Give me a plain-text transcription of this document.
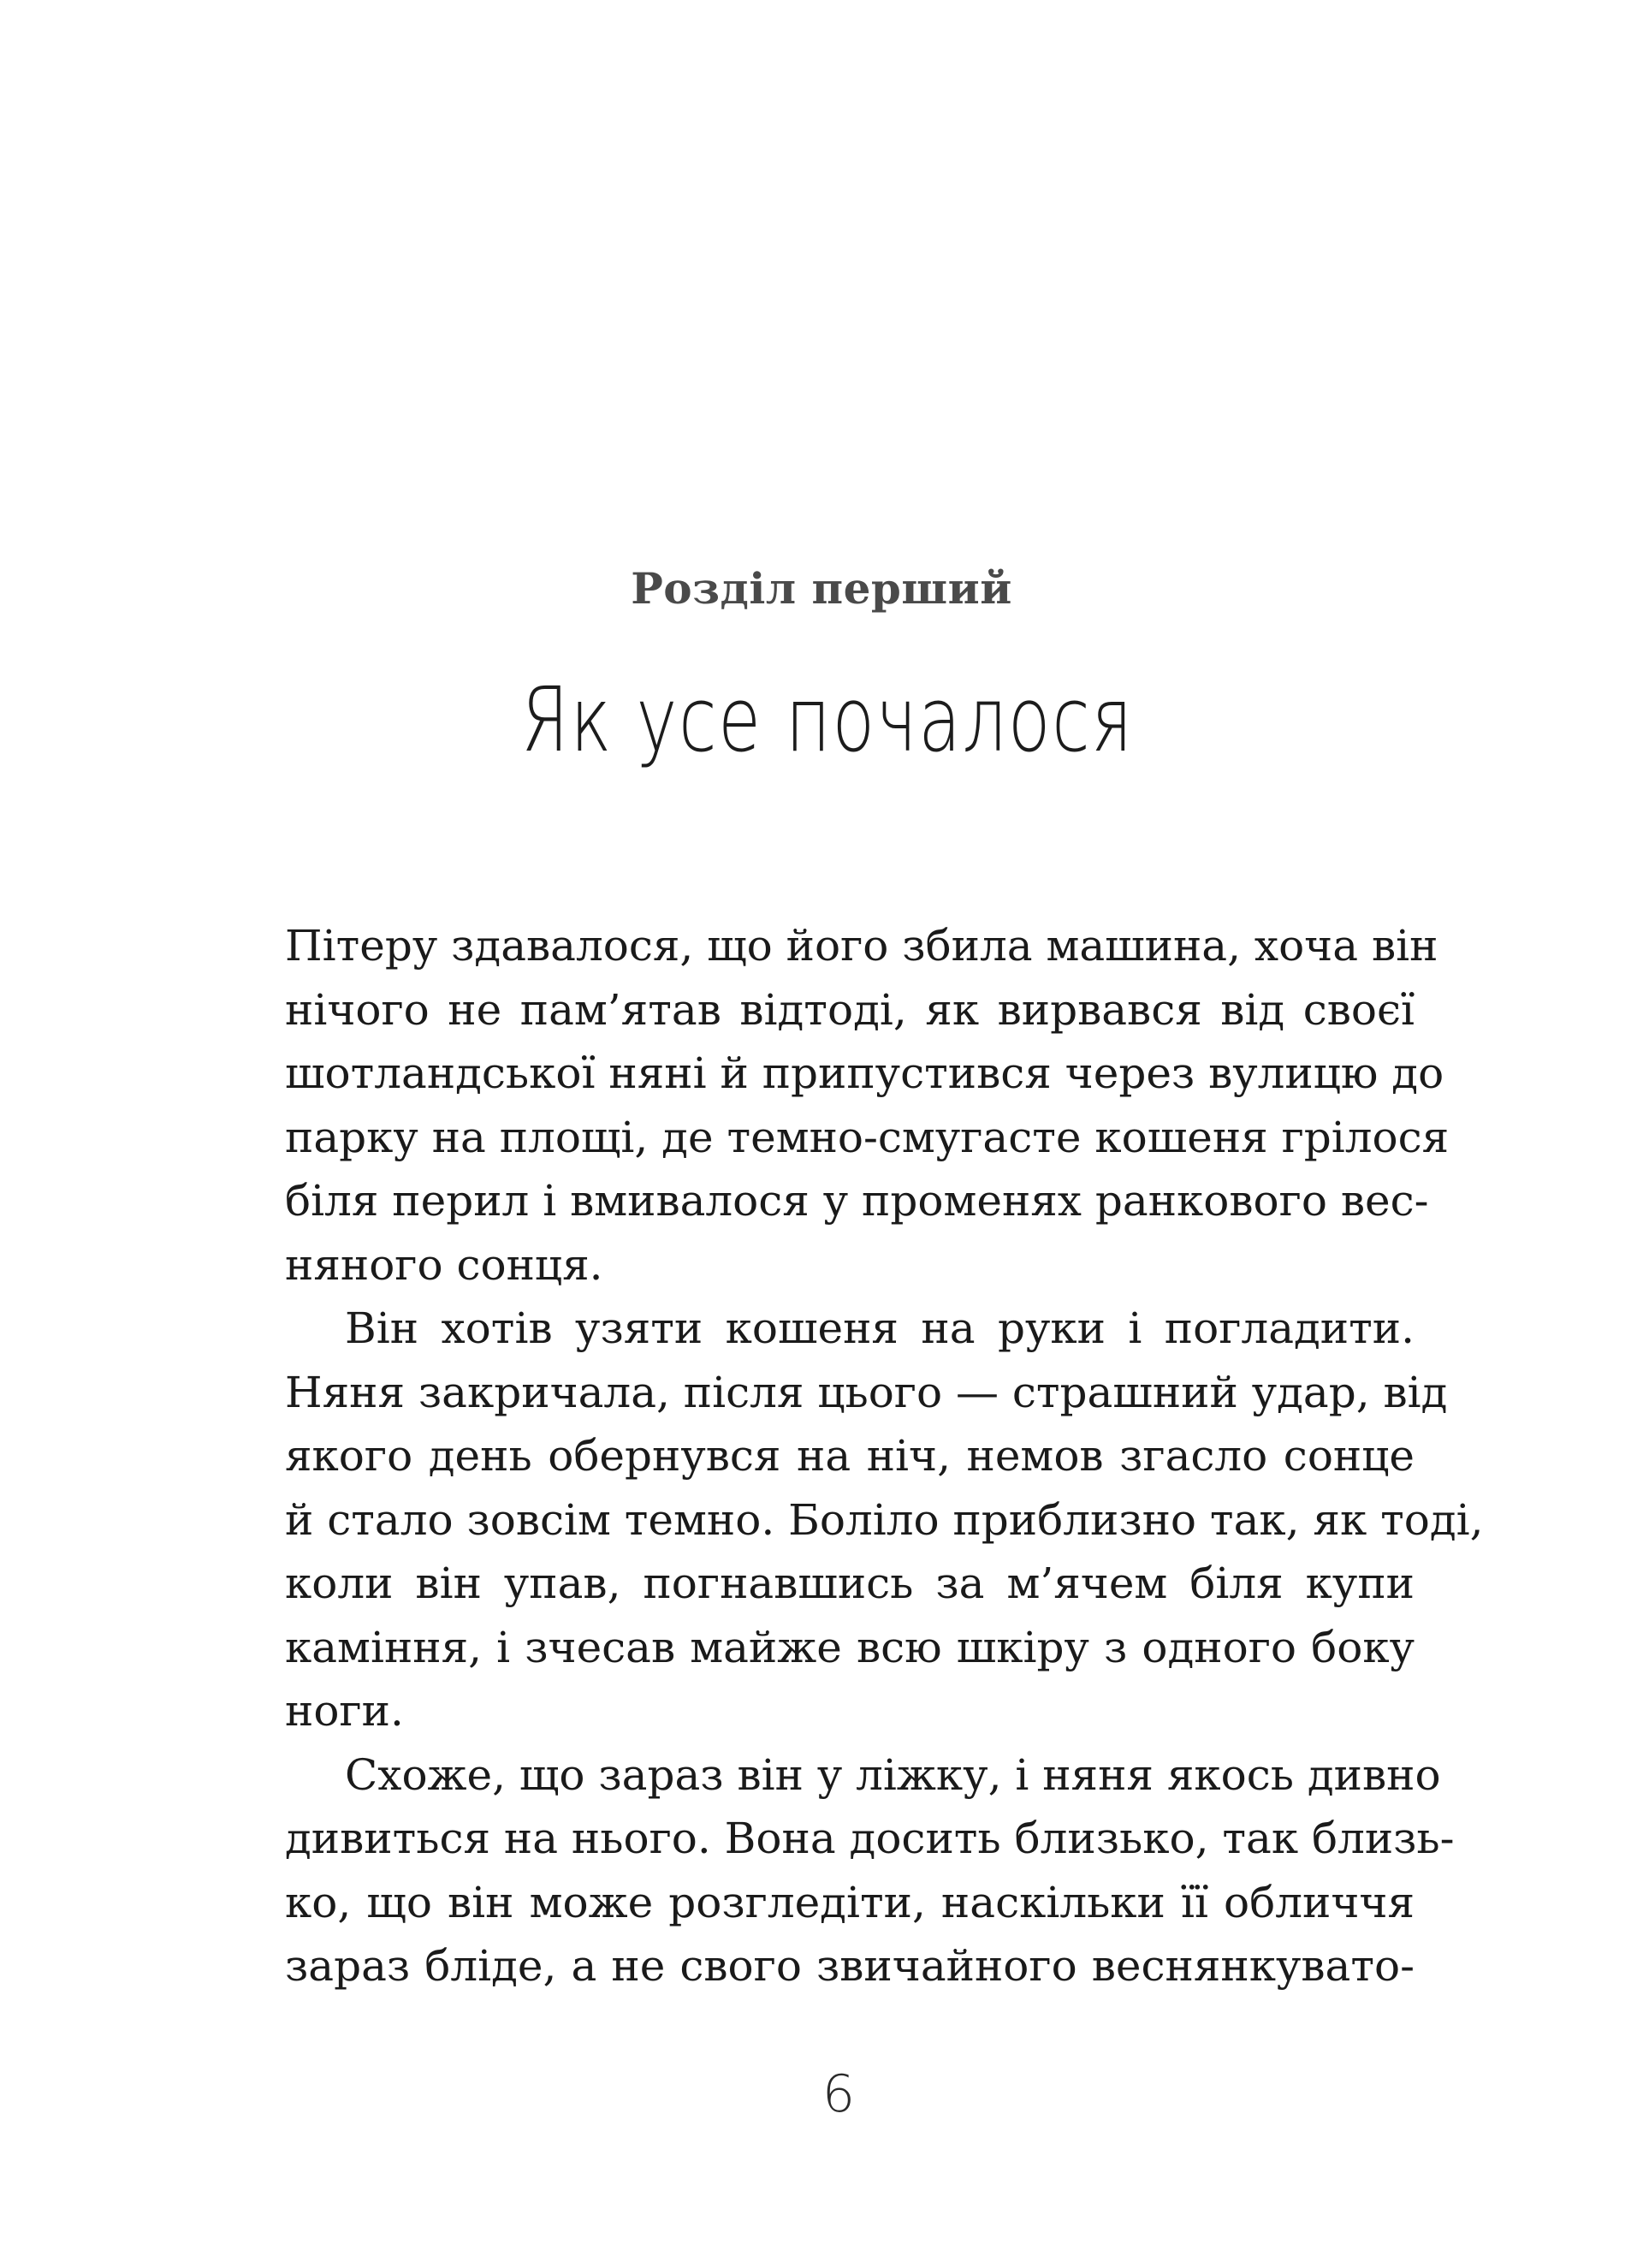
Розділ перший
Як усе почалося
Пітеру здавалося, що його збила машина, хоча він
нічого не пам’ятав відтоді, як вирвався від своєї
шотландської няні й припустився через вулицю до
парку на площі, де темно-смугасте кошеня грілося
біля перил і вмивалося у променях ранкового вес-
няного сонця.
Він хотів узяти кошеня на руки і погладити.
Няня закричала, після цього — страшний удар, від
якого день обернувся на ніч, немов згасло сонце
й стало зовсім темно. Боліло приблизно так, як тоді,
коли він упав, погнавшись за м’ячем біля купи
каміння, і зчесав майже всю шкіру з одного боку
ноги.
Схоже, що зараз він у ліжку, і няня якось дивно
дивиться на нього. Вона досить близько, так близь-
ко, що він може розгледіти, наскільки її обличчя
зараз бліде, а не свого звичайного веснянкувато-
6
